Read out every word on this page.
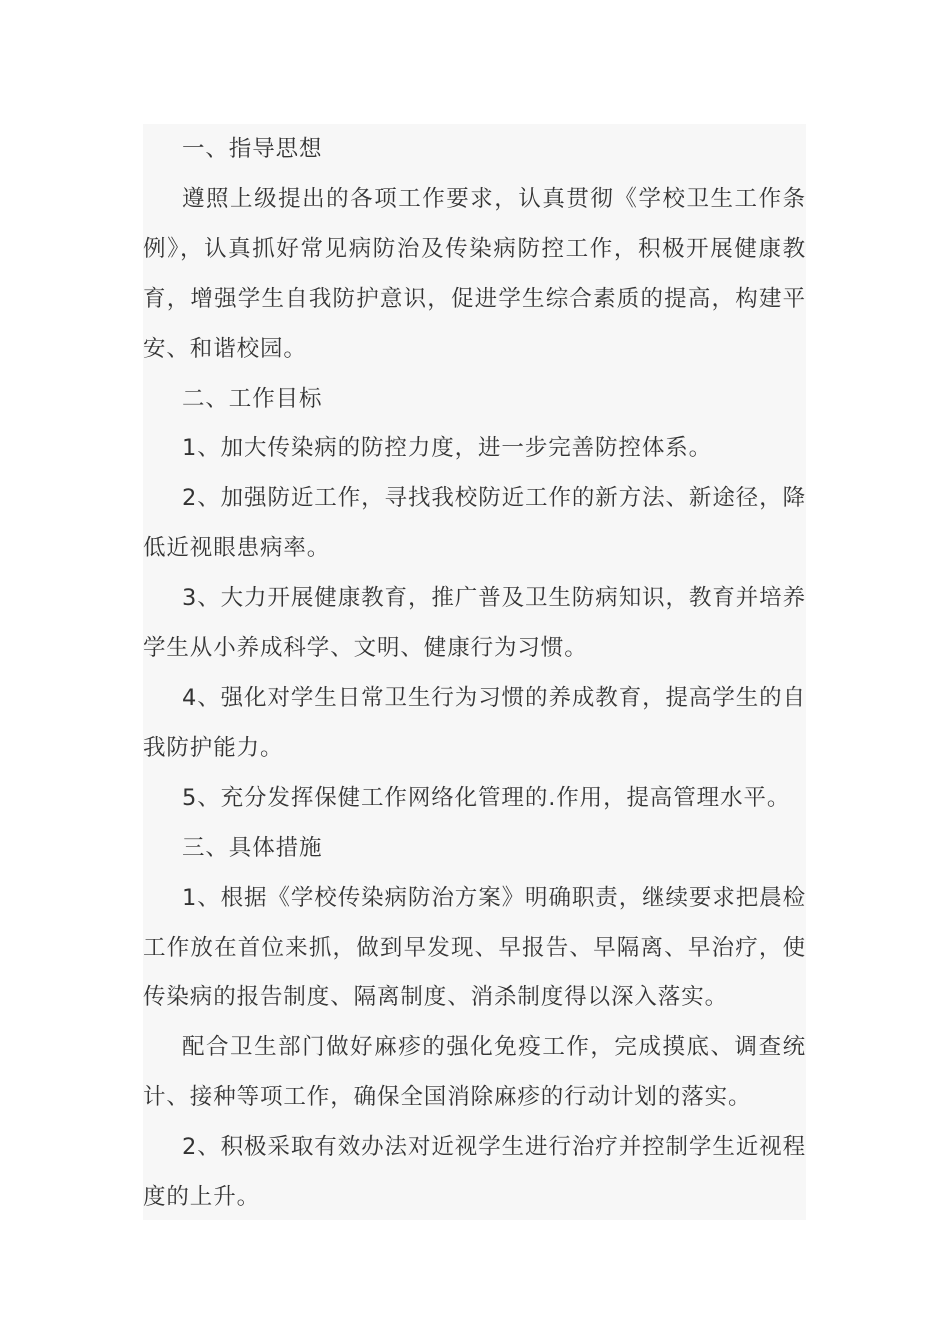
一、指导思想

遵照上级提出的各项工作要求，认真贯彻《学校卫生工作条例》，认真抓好常见病防治及传染病防控工作，积极开展健康教育，增强学生自我防护意识，促进学生综合素质的提高，构建平安、和谐校园。

二、工作目标

1、加大传染病的防控力度，进一步完善防控体系。

2、加强防近工作，寻找我校防近工作的新方法、新途径，降低近视眼患病率。

3、大力开展健康教育，推广普及卫生防病知识，教育并培养学生从小养成科学、文明、健康行为习惯。

4、强化对学生日常卫生行为习惯的养成教育，提高学生的自我防护能力。

5、充分发挥保健工作网络化管理的.作用，提高管理水平。

三、具体措施

1、根据《学校传染病防治方案》明确职责，继续要求把晨检工作放在首位来抓，做到早发现、早报告、早隔离、早治疗，使传染病的报告制度、隔离制度、消杀制度得以深入落实。

配合卫生部门做好麻疹的强化免疫工作，完成摸底、调查统计、接种等项工作，确保全国消除麻疹的行动计划的落实。

2、积极采取有效办法对近视学生进行治疗并控制学生近视程度的上升。
